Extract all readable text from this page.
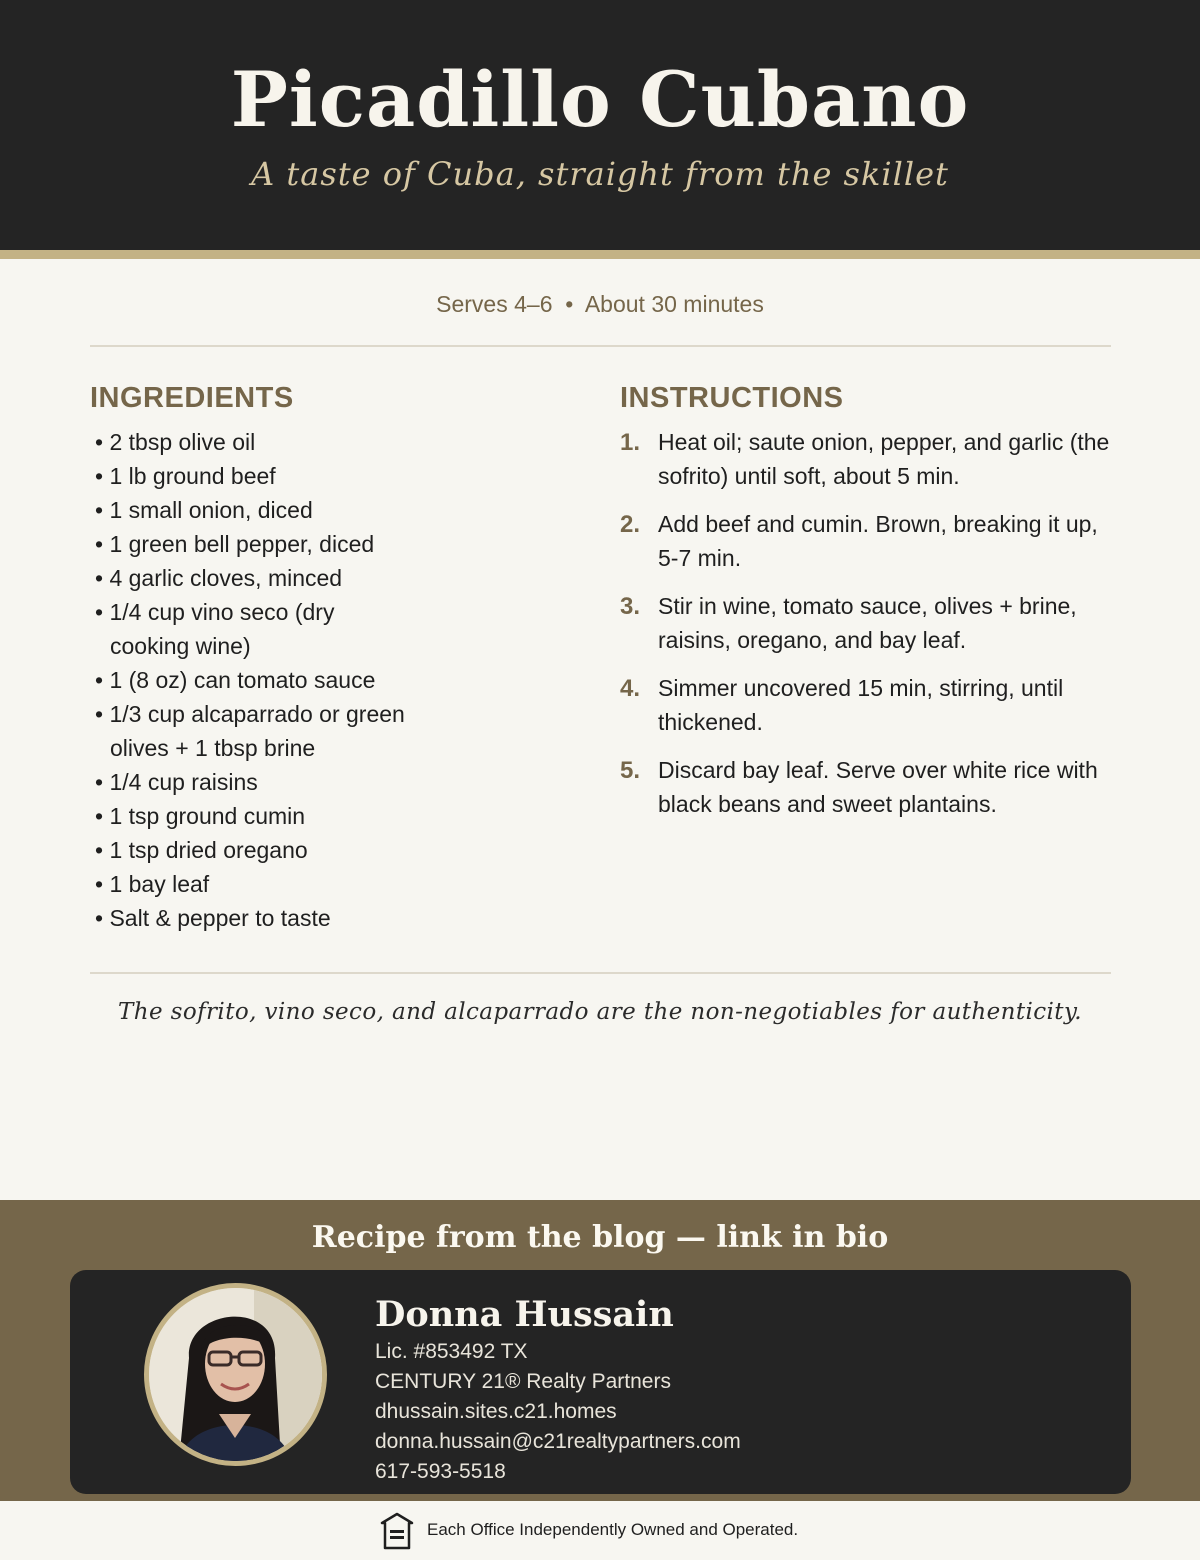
Picadillo Cubano
A taste of Cuba, straight from the skillet
Serves 4–6  •  About 30 minutes
INGREDIENTS
• 2 tbsp olive oil
• 1 lb ground beef
• 1 small onion, diced
• 1 green bell pepper, diced
• 4 garlic cloves, minced
• 1/4 cup vino seco (dry cooking wine)
• 1 (8 oz) can tomato sauce
• 1/3 cup alcaparrado or green olives + 1 tbsp brine
• 1/4 cup raisins
• 1 tsp ground cumin
• 1 tsp dried oregano
• 1 bay leaf
• Salt & pepper to taste
INSTRUCTIONS
1. Heat oil; saute onion, pepper, and garlic (the sofrito) until soft, about 5 min.
2. Add beef and cumin. Brown, breaking it up, 5-7 min.
3. Stir in wine, tomato sauce, olives + brine, raisins, oregano, and bay leaf.
4. Simmer uncovered 15 min, stirring, until thickened.
5. Discard bay leaf. Serve over white rice with black beans and sweet plantains.

The sofrito, vino seco, and alcaparrado are the non-negotiables for authenticity.

Recipe from the blog — link in bio
Donna Hussain
Lic. #853492 TX
CENTURY 21® Realty Partners
dhussain.sites.c21.homes
donna.hussain@c21realtypartners.com
617-593-5518
Each Office Independently Owned and Operated.
